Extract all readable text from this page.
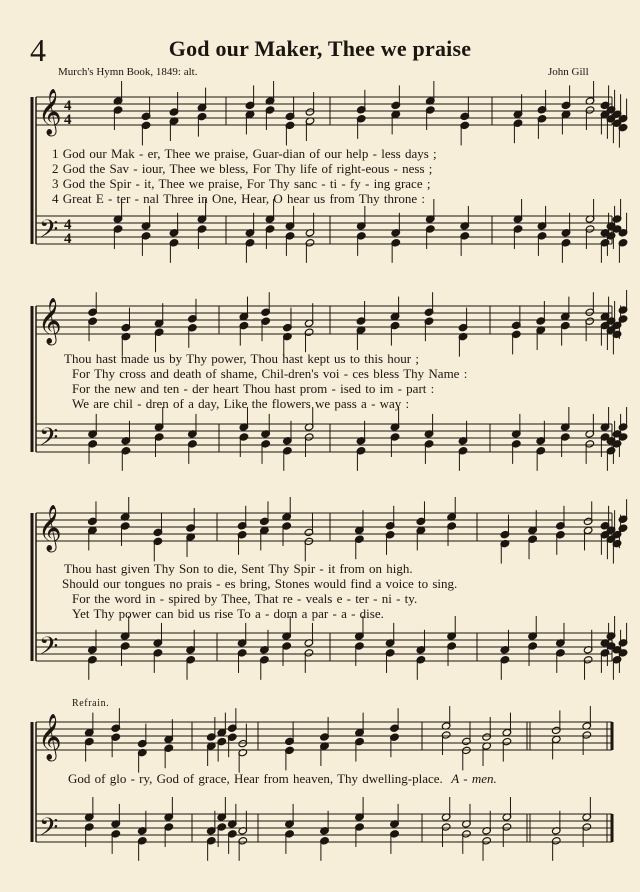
4	God our Maker, Thee we praise
Murch's Hymn Book, 1849: alt.	John Gill
𝄞
𝄢
4
4
4
4
𝄞
𝄢
𝄞
𝄢
𝄞
𝄢
1 God our Mak - er, Thee we praise, Guar-dian of our help - less days ;
2 God the Sav - iour, Thee we bless, For Thy life of right-eous - ness ;
3 God the Spir - it, Thee we praise, For Thy sanc - ti - fy - ing grace ;
4 Great E - ter - nal Three in One, Hear, O hear us from Thy throne :
Thou hast made us by Thy power, Thou hast kept us to this hour ;
For Thy cross and death of shame, Chil-dren's voi - ces bless Thy Name :
For the new and ten - der heart Thou hast prom - ised to im - part :
We are chil - dren of a day, Like the flowers we pass a - way :
Thou hast given Thy Son to die, Sent Thy Spir - it from on high.
Should our tongues no prais - es bring, Stones would find a voice to sing.
For the word in - spired by Thee, That re - veals e - ter - ni - ty.
Yet Thy power can bid us rise To a - dorn a par - a - dise.
Refrain.
God of glo - ry, God of grace, Hear from heaven, Thy dwelling-place. A - men.
